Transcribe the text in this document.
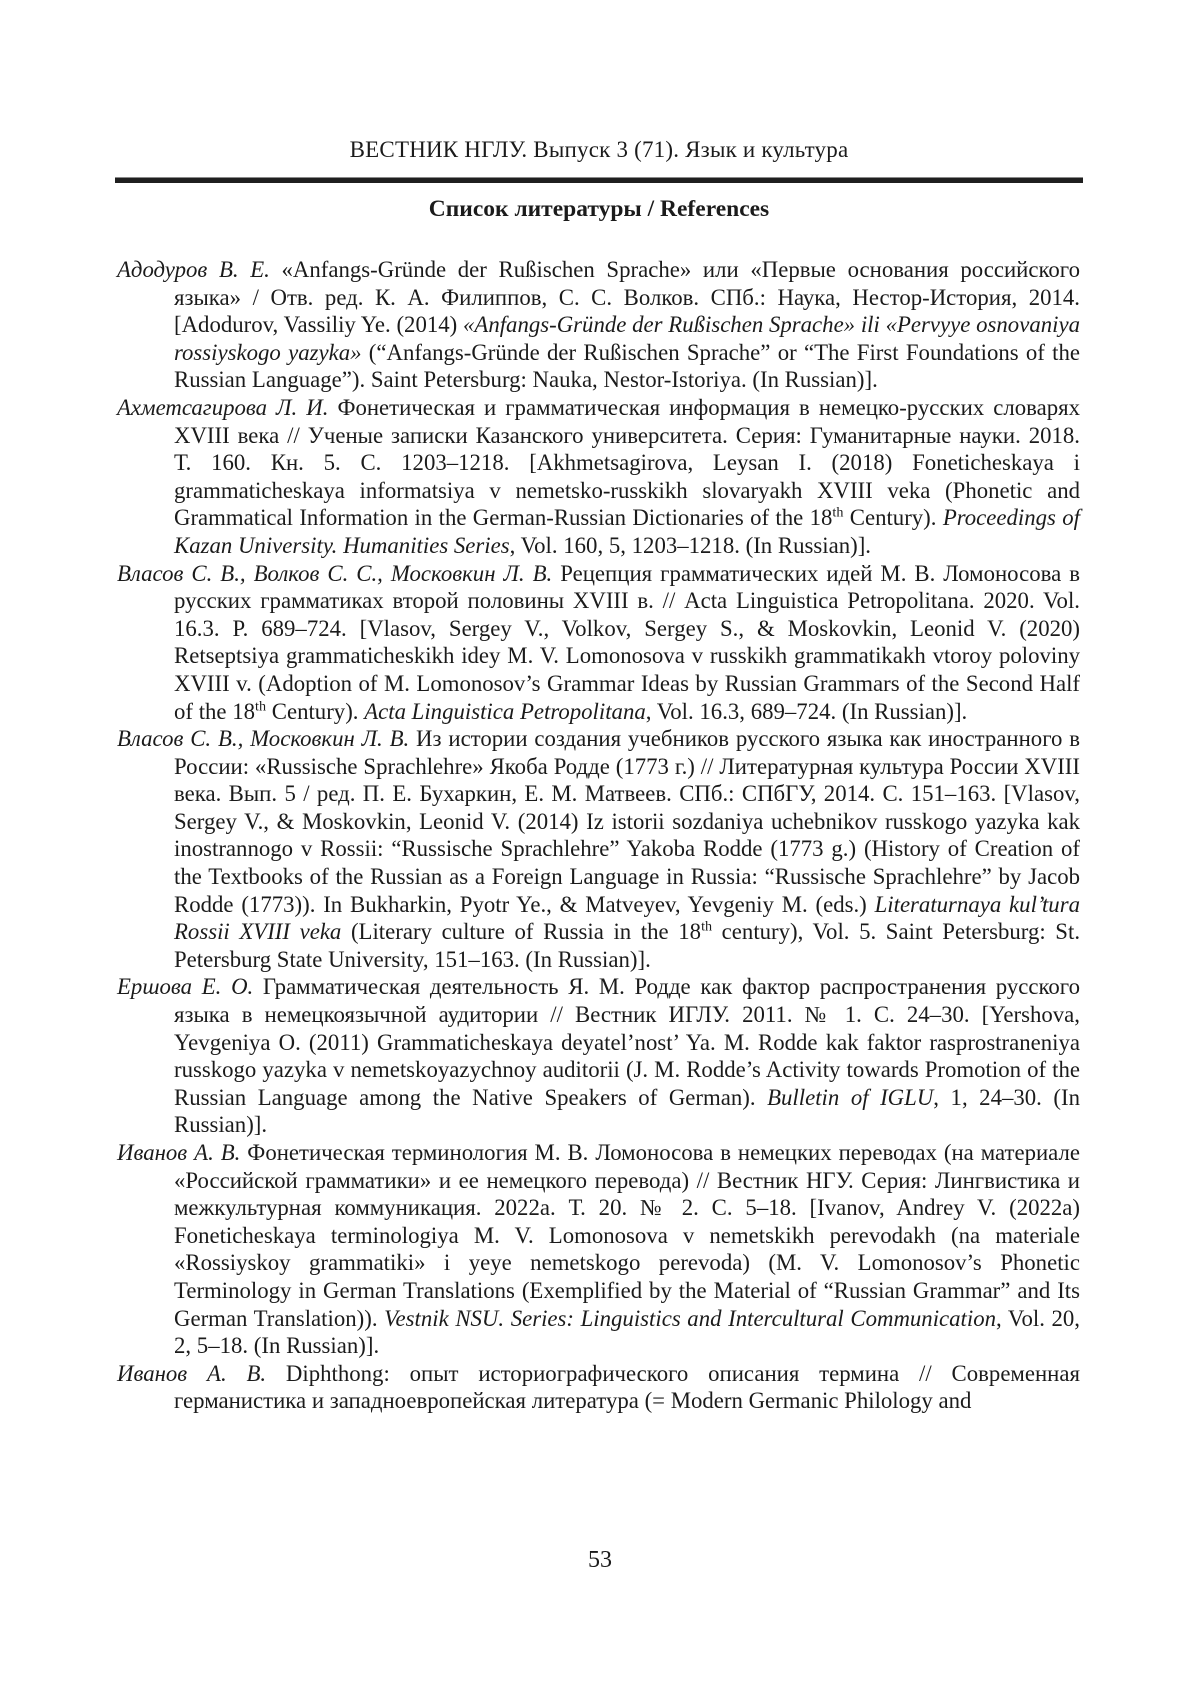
ВЕСТНИК НГЛУ. Выпуск 3 (71). Язык и культура
Список литературы / References

Адодуров В. Е. «Anfangs-Gründe der Rußischen Sprache» или «Первые основания российского языка» / Отв. ред. К. А. Филиппов, С. С. Волков. СПб.: Наука, Нестор-История, 2014. [Adodurov, Vassiliy Ye. (2014) «Anfangs-Gründe der Rußischen Sprache» ili «Pervyye osnovaniya rossiyskogo yazyka» (“Anfangs-Gründe der Rußischen Sprache” or “The First Foundations of the Russian Language”). Saint Petersburg: Nauka, Nestor-Istoriya. (In Russian)].

Ахметсагирова Л. И. Фонетическая и грамматическая информация в немецко-русских словарях XVIII века // Ученые записки Казанского университета. Серия: Гуманитарные науки. 2018. Т. 160. Кн. 5. С. 1203–1218. [Akhmetsagirova, Leysan I. (2018) Foneticheskaya i grammaticheskaya informatsiya v nemetsko-russkikh slovaryakh XVIII veka (Phonetic and Grammatical Information in the German-Russian Dictionaries of the 18th Century). Proceedings of Kazan University. Humanities Series, Vol. 160, 5, 1203–1218. (In Russian)].

Власов С. В., Волков С. С., Московкин Л. В. Рецепция грамматических идей М. В. Ломоносова в русских грамматиках второй половины XVIII в. // Acta Linguistica Petropolitana. 2020. Vol. 16.3. P. 689–724. [Vlasov, Sergey V., Volkov, Sergey S., & Moskovkin, Leonid V. (2020) Retseptsiya grammaticheskikh idey M. V. Lomonosova v russkikh grammatikakh vtoroy poloviny XVIII v. (Adoption of M. Lomonosov’s Grammar Ideas by Russian Grammars of the Second Half of the 18th Century). Acta Linguistica Petropolitana, Vol. 16.3, 689–724. (In Russian)].

Власов С. В., Московкин Л. В. Из истории создания учебников русского языка как иностранного в России: «Russische Sprachlehre» Якоба Родде (1773 г.) // Литературная культура России XVIII века. Вып. 5 / ред. П. Е. Бухаркин, Е. М. Матвеев. СПб.: СПбГУ, 2014. С. 151–163. [Vlasov, Sergey V., & Moskovkin, Leonid V. (2014) Iz istorii sozdaniya uchebnikov russkogo yazyka kak inostrannogo v Rossii: “Russische Sprachlehre” Yakoba Rodde (1773 g.) (History of Creation of the Textbooks of the Russian as a Foreign Language in Russia: “Russische Sprachlehre” by Jacob Rodde (1773)). In Bukharkin, Pyotr Ye., & Matveyev, Yevgeniy M. (eds.) Literaturnaya kul’tura Rossii XVIII veka (Literary culture of Russia in the 18th century), Vol. 5. Saint Petersburg: St. Petersburg State University, 151–163. (In Russian)].

Ершова Е. О. Грамматическая деятельность Я. М. Родде как фактор распространения русского языка в немецкоязычной аудитории // Вестник ИГЛУ. 2011. № 1. С. 24–30. [Yershova, Yevgeniya O. (2011) Grammaticheskaya deyatel’nost’ Ya. M. Rodde kak faktor rasprostraneniya russkogo yazyka v nemetskoyazychnoy auditorii (J. M. Rodde’s Activity towards Promotion of the Russian Language among the Native Speakers of German). Bulletin of IGLU, 1, 24–30. (In Russian)].

Иванов А. В. Фонетическая терминология М. В. Ломоносова в немецких переводах (на материале «Российской грамматики» и ее немецкого перевода) // Вестник НГУ. Серия: Лингвистика и межкультурная коммуникация. 2022a. Т. 20. № 2. С. 5–18. [Ivanov, Andrey V. (2022a) Foneticheskaya terminologiya M. V. Lomonosova v nemetskikh perevodakh (na materiale «Rossiyskoy grammatiki» i yeye nemetskogo perevoda) (M. V. Lomonosov’s Phonetic Terminology in German Translations (Exemplified by the Material of “Russian Grammar” and Its German Translation)). Vestnik NSU. Series: Linguistics and Intercultural Communication, Vol. 20, 2, 5–18. (In Russian)].

Иванов А. В. Diphthong: опыт историографического описания термина // Современная германистика и западноевропейская литература (= Modern Germanic Philology and

53
